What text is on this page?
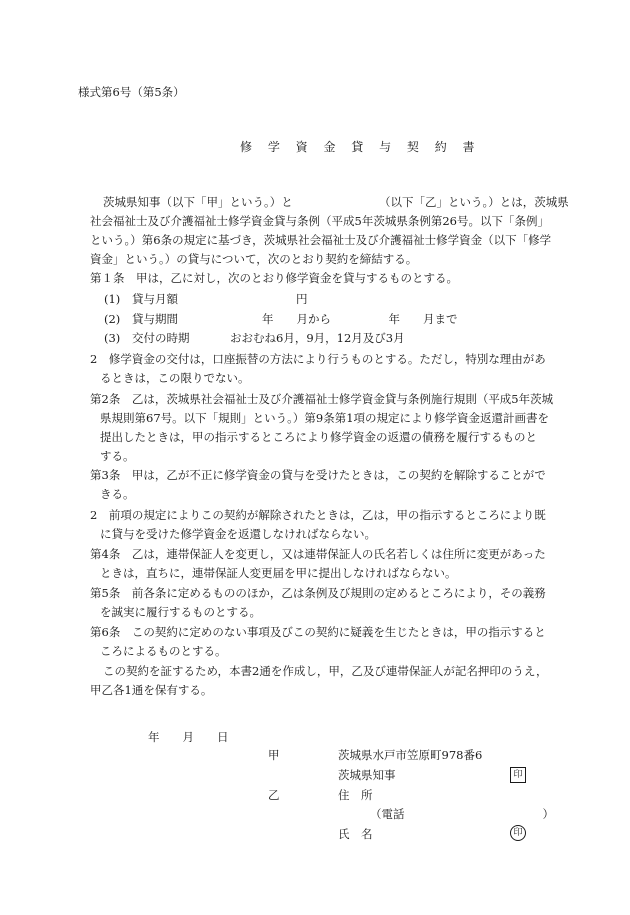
様式第6号（第5条）
修 学 資 金 貸 与 契 約 書
茨城県知事（以下「甲」という。）と　　　　　　　　（以下「乙」という。）とは，茨城県
社会福祉士及び介護福祉士修学資金貸与条例（平成5年茨城県条例第26号。以下「条例」
という。）第6条の規定に基づき，茨城県社会福祉士及び介護福祉士修学資金（以下「修学
資金」という。）の貸与について，次のとおり契約を締結する。
第１条　甲は，乙に対し，次のとおり修学資金を貸与するものとする。
(1) 貸与月額	円
(2) 貸与期間	年　　月から　　　　　年　　月まで
(3) 交付の時期	おおむね6月，9月，12月及び3月
2　修学資金の交付は，口座振替の方法により行うものとする。ただし，特別な理由があ
るときは，この限りでない。
第2条　乙は，茨城県社会福祉士及び介護福祉士修学資金貸与条例施行規則（平成5年茨城
県規則第67号。以下「規則」という。）第9条第1項の規定により修学資金返還計画書を
提出したときは，甲の指示するところにより修学資金の返還の債務を履行するものと
する。
第3条　甲は，乙が不正に修学資金の貸与を受けたときは，この契約を解除することがで
きる。
2　前項の規定によりこの契約が解除されたときは，乙は，甲の指示するところにより既
に貸与を受けた修学資金を返還しなければならない。
第4条　乙は，連帯保証人を変更し，又は連帯保証人の氏名若しくは住所に変更があった
ときは，直ちに，連帯保証人変更届を甲に提出しなければならない。
第5条　前各条に定めるもののほか，乙は条例及び規則の定めるところにより，その義務
を誠実に履行するものとする。
第6条　この契約に定めのない事項及びこの契約に疑義を生じたときは，甲の指示すると
ころによるものとする。
この契約を証するため，本書2通を作成し，甲，乙及び連帯保証人が記名押印のうえ，
甲乙各1通を保有する。
年　　月　　日
甲	茨城県水戸市笠原町978番6
茨城県知事	印
乙	住　所
（電話　　　　　　　　　　　　）
氏　名	印
